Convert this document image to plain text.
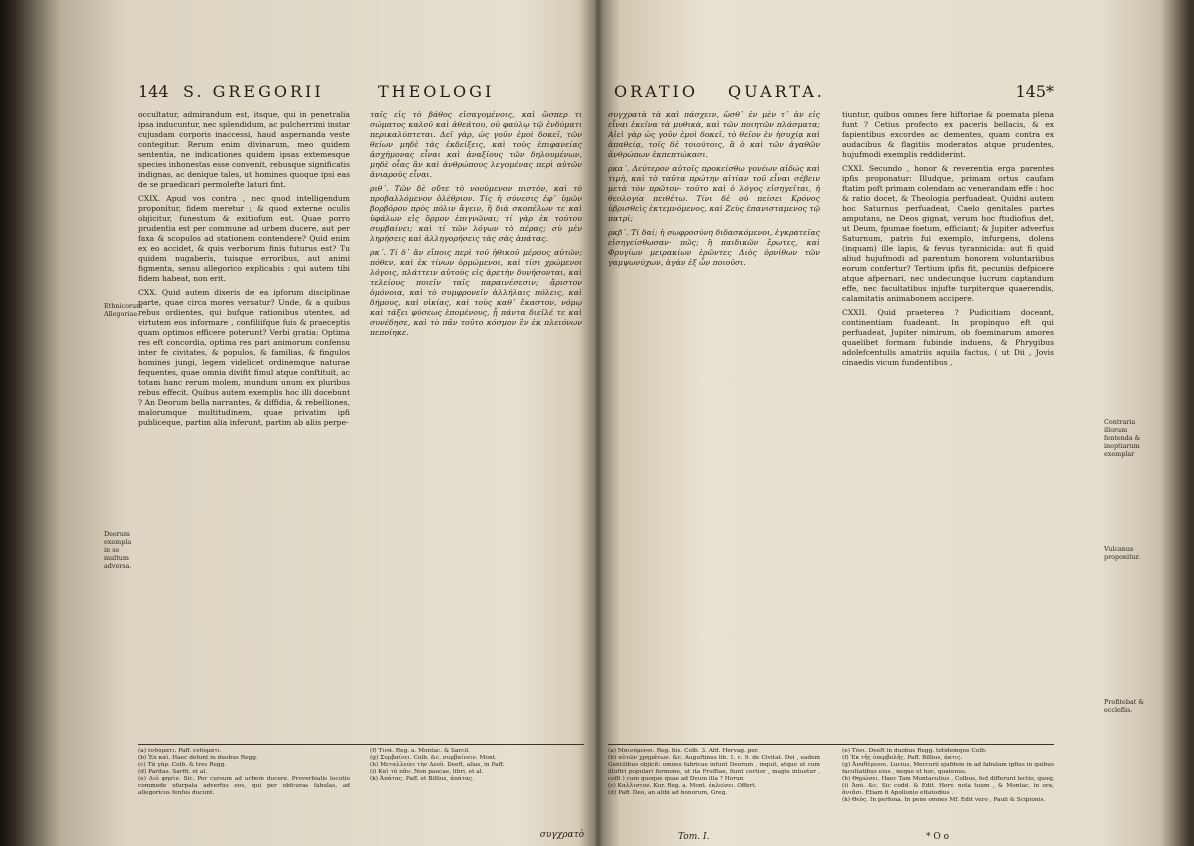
144 S. GREGORII	THEOLOGI

occultatur, admirandum est, itsque, qui in penetralia ipsa inducuntur, nec splendidum, ac pulcherrimi instar cujusdam corporis inaccessi, haud aspernanda veste contegitur. Rerum enim divinarum, meo quidem sententia, ne indicationes quidem ipsas extemesque species inhonestas esse convenit, rebusque significatis indignas, ac denique tales, ut homines quoque ipsi eas de se praedicari permolefte laturi fint.

CXIX. Apud vos contra , nec quod intelligendum proponitur, fidem meretur ; & quod externe oculis objicitur, funestum & exitiofum est. Quae porro prudentia est per commune ad urbem ducere, aut per faxa & scopulos ad stationem contendere? Quid enim ex eo accidet, & quis verborum finis futurus est? Tu quidem nugaberis, tuisque erroribus, aut animi figmenta, sensu allegorico explicabis : qui autem tibi fidem habeat, non erit.

CXX. Quid autem dixeris de ea ipforum disciplinae parte, quae circa mores versatur? Unde, & a quibus rebus ordientes, qui bufque rationibus utentes, ad virtutem eos informare , confiliifque fuis & praeceptis quam optimos efficere poterunt? Verbi gratia: Optima res eft concordia, optima res pari animorum confensu inter fe civitates, & populos, & familias, & fingulos homines jungi, legem videlicet ordinemque naturae fequentes, quae omnia divifit fimul atque conftituit, ac totam hanc rerum molem, mundum unum ex pluribus rebus effecit. Quibus autem exemplis hoc illi docebunt ? An Deorum bella narrantes, & diffidia, & rebelliones, malorumque multitudinem, quae privatim ipfi publiceque, partim alia inferunt, partim ab aliis perpe-

ταῖς εἰς τὸ βάθος εἰσαγομένοις, καὶ ὥσπερ τι σώματος καλοῦ καὶ ἀθεάτου, οὐ φαύλῳ τῷ ἐνδύματι περικαλύπτεται. Δεῖ γὰρ, ὡς γοῦν ἐμοὶ δοκεῖ, τῶν θείων μηδὲ τὰς ἐκδείξεις, καὶ τοὺς ἐπιφανείας ἀσχήμονας εἶναι καὶ ἀναξίους τῶν δηλουμένων, μηδὲ οἷας ἂν καὶ ἀνθρώπους λεγομένας περὶ αὐτῶν ἀνιαροὺς εἶναι.

ριθ΄. Τῶν δὲ οὔτε τὸ νοούμενον πιστὸν, καὶ τὸ προβαλλόμενον ὀλέθριον. Τίς ἡ σύνεσις ἐφ᾽ ὑμῶν βορβόρου πρὸς πόλιν ἄγειν, ἢ διὰ σκοπέλων τε καὶ ὑφάλων εἰς ὅρμον ἐπιγνῶναι; τί γὰρ ἐκ τούτου συμβαίνει; καὶ τί τῶν λόγων τὸ πέρας; σὺ μὲν ληρήσεις καὶ ἀλληγορήσεις τὰς σὰς ἀπάτας.

ρκ΄. Τί δ᾽ ἂν εἴποις περὶ τοῦ ἠθικοῦ μέρους αὐτῶν; πόθεν, καὶ ἐκ τίνων ὁρμώμενοι, καὶ τίσι χρώμενοι λόγοις, πλάττειν αὐτοὺς εἰς ἀρετὴν δυνήσονται, καὶ τελείους ποιεῖν ταῖς παραινέσεσιν; ἄριστον ὁμόνοια, καὶ τὸ συμφρονεῖν ἀλλήλαις πόλεις, καὶ δήμους, καὶ οἰκίας, καὶ τοὺς καθ᾽ ἕκαστον, νόμῳ καὶ τάξει φύσεως ἑπομένους, ᾗ πάντα διεῖλέ τε καὶ συνέδησε, καὶ τὸ πᾶν τοῦτο κόσμον ἓν ἐκ πλειόνων πεποίηκε.

(a) ἐνδύματι. Paff. ἐνδύματι.

(b) Ἐπ καὶ. Haec defunt in duobus Regg.

(c) Τὰ γὰρ. Colb. & tres Regg.

(d) Paritas. Sarfit. et al.

(e) Διὸ φησὶν. Sic. Per cursum ad urbem ducere. Proverbialis locutio commode ufurpata adverfus eos, qui per obfcuras fabulas, ad allegoricos fenfus ducunt.

(f) Τινὰ. Reg. a. Montac. & Sarcil.

(g) Συμβαίνει. Colb. &c. συμβαίνειν. Mont.

(h) Μεταλλεύει τὴν Δεοῦ. Deeft, alias, in Paff.

(i) Καὶ τὸ πᾶν. Non paucae, libri, et al.

(k) Ἀπάτας. Paff. et Billius, ἀπάτας.

συγχρατὸ
Ethnicorum Allegoriae.
Deorum exempla in se multum adversa.
ORATIO QUARTA.	145*

συγχρατὰ τὰ καὶ πάσχειν, ὥσθ᾽ ἐν μὲν τ᾽ ἀν εἰς εἶναι ἐκεῖνα τὰ μυθικὰ, καὶ τῶν ποιητῶν πλάσματα; Αἰεὶ γὰρ ὡς γοῦν ἐμοὶ δοκεῖ, τὸ θεῖον ἐν ἡσυχίᾳ καὶ ἀπαθείᾳ, τοῖς δὲ τοιούτοις, ἃ ὁ καὶ τῶν ἀγαθῶν ἀνθρώπων ἐκπεπτώκασι.

ρκα΄. Δεύτερον αὐτοῖς προκείσθω γονέων αἰδώς καὶ τιμὴ, καὶ τὸ ταῦτα πρώτην αἰτίαν τοῦ εἶναι σέβειν μετὰ τὸν πρῶτον· τοῦτο καὶ ὁ λόγος εἰσηγεῖται, ἡ θεολογία πειθέτω. Τίνι δὲ οὐ πείσει Κρόνος ὑβρισθεὶς ἐκτεμνόμενος, καὶ Ζεὺς ἐπανισταμενος τῷ πατρί;

ρκβ΄. Τί δαί; ἡ σωφροσύνη διδασκόμενοι, ἐγκρατεῖας εἰσηγείσθωσαν· πῶς; ἢ παιδικῶν ἔρωτες, καὶ Φρυγίων μειρακίων ἐρῶντες Διὸς ὀρνίθων τῶν γαμψωνύχων, ἀγὰν ἐξ ὧν ποιοῦσι.

tiuntur, quibus omnes fere hiftoriae & poemata plena funt ? Cetius profecto ex paceris bellacis, & ex fapientibus excordes ac dementes, quam contra ex audacibus & flagitiis moderatos atque prudentes, hujufmodi exemplis reddiderint.

CXXI. Secundo , honor & reverentia erga parentes ipfis proponatur: Illudque, primam ortus caufam ftatim poft primam colendam ac venerandam effe : hoc & ratio docet, & Theologia perfuadeat. Quidni autem hoc Saturnus perfuadeat, Caelo genitales partes amputans, ne Deos gignat, verum hoc ftudiofius det, ut Deum, fpumae foetum, efficiant; & Jupiter adverfus Saturnum, patris fui exemplo, infurgens, dolens (inquam) ille lapis, & fevus tyrannicida: aut fi quid aliud hujufmodi ad parentum honorem voluntariibus eorum confertur? Tertium ipfis fit, pecuniis defpicere atque afpernari, nec undecunque lucrum captandum effe, nec facultatibus injufte turpiterque quaerendis, calamitatis animabonem accipere.

CXXII. Quid praeterea ? Pudicitiam doceant, continentiam fuadeant. In propinquo eft qui perfuadeat, Jupiter nimirum, ob foeminarum amores quaelibet formam fubinde induens, & Phrygibus adolefcentulis amatriis aquila factus, ( ut Dii , Jovis cinaedis vicum fundentibus ,

(a) Μαινόμενοι. Reg. his. Colb. 3. Afd. Hervag. per.

(b) αὐτῶν χρημάτων. &c. Auguftinus lib. 1. c. 9. de Civitat. Dei , eadem Gentilibus objicit: omnes fabricae infunt Deorum , inquit, atque ut cum illuftri populari fermone, ut ita Pruffiae, fiunt certior , magis intuetur , ceffi ) cum quoque quae ad Deum illa ? Horun

(c) Καλλιστον. Kur. Reg. a. Mont. ἐκλείσει. Offert.

(d) Paff. Deo, an alibi ad bonorum, Greg.

(e) Τόνι. Deeft in duobus Regg. totidemque Colb.

(f) Ἐκ τῆς ὑπερβολῆς. Paff. Billius, ἀκτις.

(g) Ἀναθέμενοι. Lucius, Mercurii ejufdem in ad fabulam ipfius in quibus facultatibus eius , neque et hoc, quatenus.

(h) Θηρώσει. Haec Tam Montacutius , Colbus, fed differunt lectio, quoq;

(i) Ἀπὸ. &c. Sic codd. & Edit. Herv. nota tuum , & Montac. in ora, ἀνιᾶσι. Etiam fi Apollonio ettatodius .

(k) Θεὸς. In perfona. In pene omnes Mf. Edit vero , Pauli & Scipionis.

Tom. I.	* O o
Contraria illorum fentenda & ineptiarum exemplar
Vulcanus proponitur.
Profitebat & ecclefiis.
